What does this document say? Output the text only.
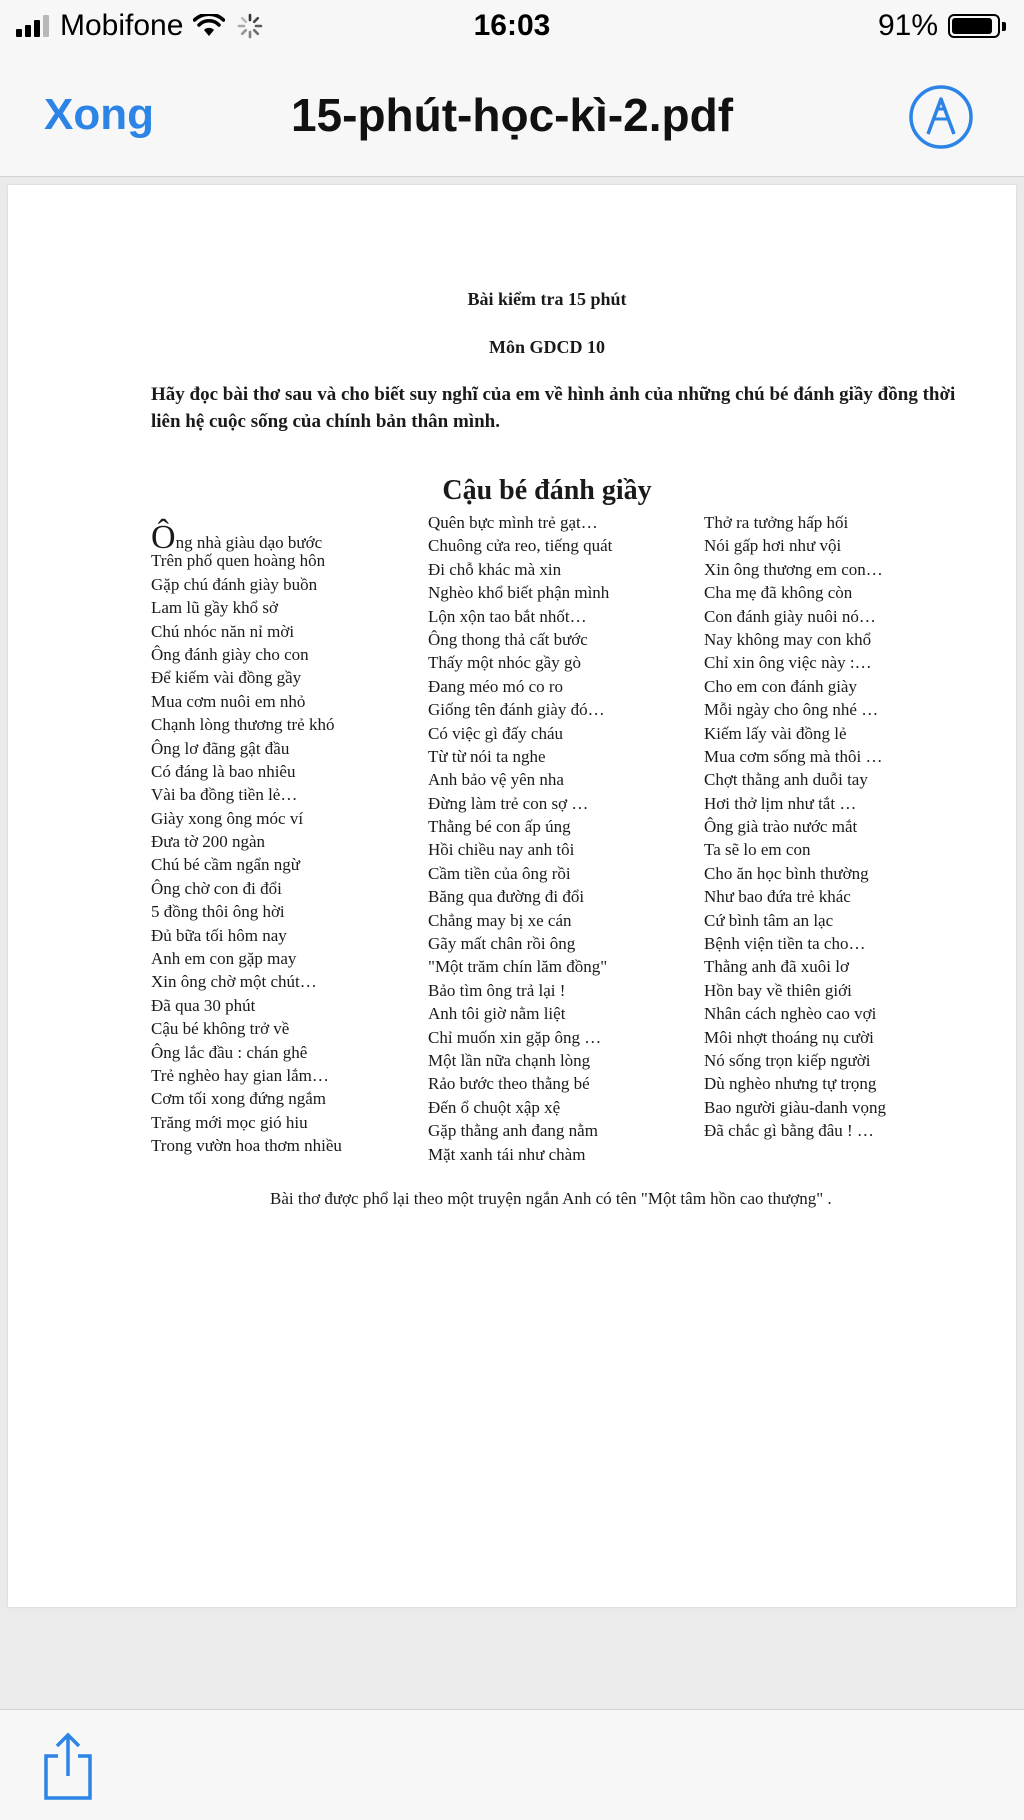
Mobifone	16:03	91%
Xong	15-phút-học-kì-2.pdf
Bài kiểm tra 15 phút
Môn GDCD 10
Hãy đọc bài thơ sau và cho biết suy nghĩ của em về hình ảnh của những chú bé đánh giầy đồng thời liên hệ cuộc sống của chính bản thân mình.
Cậu bé đánh giầy
Ông nhà giàu dạo bước
Trên phố quen hoàng hôn
Gặp chú đánh giày buồn
Lam lũ gầy khổ sở
Chú nhóc năn nỉ mời
Ông đánh giày cho con
Để kiếm vài đồng gầy
Mua cơm nuôi em nhỏ
Chạnh lòng thương trẻ khó
Ông lơ đãng gật đầu
Có đáng là bao nhiêu
Vài ba đồng tiền lẻ…
Giày xong ông móc ví
Đưa tờ 200 ngàn
Chú bé cầm ngẩn ngừ
Ông chờ con đi đổi
5 đồng thôi ông hời
Đủ bữa tối hôm nay
Anh em con gặp may
Xin ông chờ một chút…
Đã qua 30 phút
Cậu bé không trở về
Ông lắc đầu : chán ghê
Trẻ nghèo hay gian lắm…
Cơm tối xong đứng ngắm
Trăng mới mọc gió hiu
Trong vườn hoa thơm nhiều
Quên bực mình trẻ gạt…
Chuông cửa reo, tiếng quát
Đi chỗ khác mà xin
Nghèo khổ biết phận mình
Lộn xộn tao bắt nhốt…
Ông thong thả cất bước
Thấy một nhóc gầy gò
Đang méo mó co ro
Giống tên đánh giày đó…
Có việc gì đấy cháu
Từ từ nói ta nghe
Anh bảo vệ yên nha
Đừng làm trẻ con sợ …
Thằng bé con ấp úng
Hồi chiều nay anh tôi
Cầm tiền của ông rồi
Băng qua đường đi đổi
Chẳng may bị xe cán
Gãy mất chân rồi ông
"Một trăm chín lăm đồng"
Bảo tìm ông trả lại !
Anh tôi giờ nằm liệt
Chỉ muốn xin gặp ông …
Một lần nữa chạnh lòng
Rảo bước theo thằng bé
Đến ổ chuột xập xệ
Gặp thằng anh đang nằm
Mặt xanh tái như chàm
Thở ra tưởng hấp hối
Nói gấp hơi như vội
Xin ông thương em con…
Cha mẹ đã không còn
Con đánh giày nuôi nó…
Nay không may con khổ
Chỉ xin ông việc này :…
Cho em con đánh giày
Mỗi ngày cho ông nhé …
Kiếm lấy vài đồng lẻ
Mua cơm sống mà thôi …
Chợt thằng anh duỗi tay
Hơi thở lịm như tắt …
Ông già trào nước mắt
Ta sẽ lo em con
Cho ăn học bình thường
Như bao đứa trẻ khác
Cứ bình tâm an lạc
Bệnh viện tiền ta cho…
Thằng anh đã xuôi lơ
Hồn bay về thiên giới
Nhân cách nghèo cao vợi
Môi nhợt thoáng nụ cười
Nó sống trọn kiếp người
Dù nghèo nhưng tự trọng
Bao người giàu-danh vọng
Đã chắc gì bằng đâu ! …
Bài thơ được phổ lại theo một truyện ngắn Anh có tên "Một tâm hồn cao thượng" .
